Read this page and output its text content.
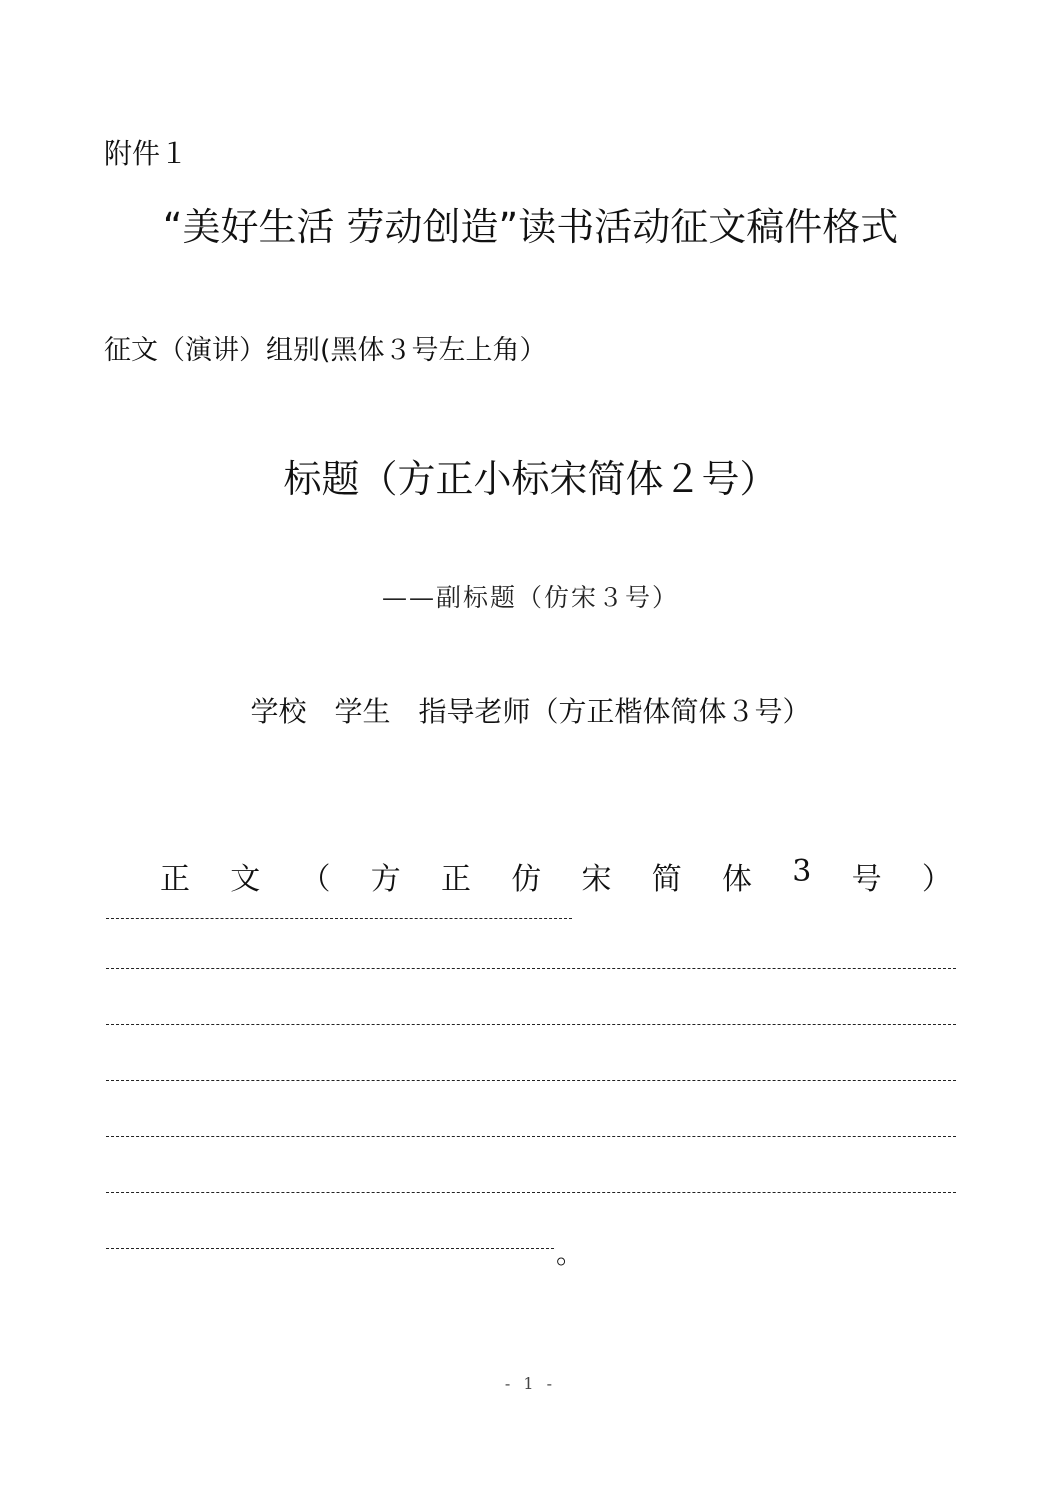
附件１
“美好生活 劳动创造”读书活动征文稿件格式
征文（演讲）组别(黑体３号左上角）
标题（方正小标宋简体２号）
——副标题（仿宋３号）
学校　学生　指导老师（方正楷体简体３号）
正 文 （ 方 正 仿 宋 简 体 3 号 ）
。
- 1 -
